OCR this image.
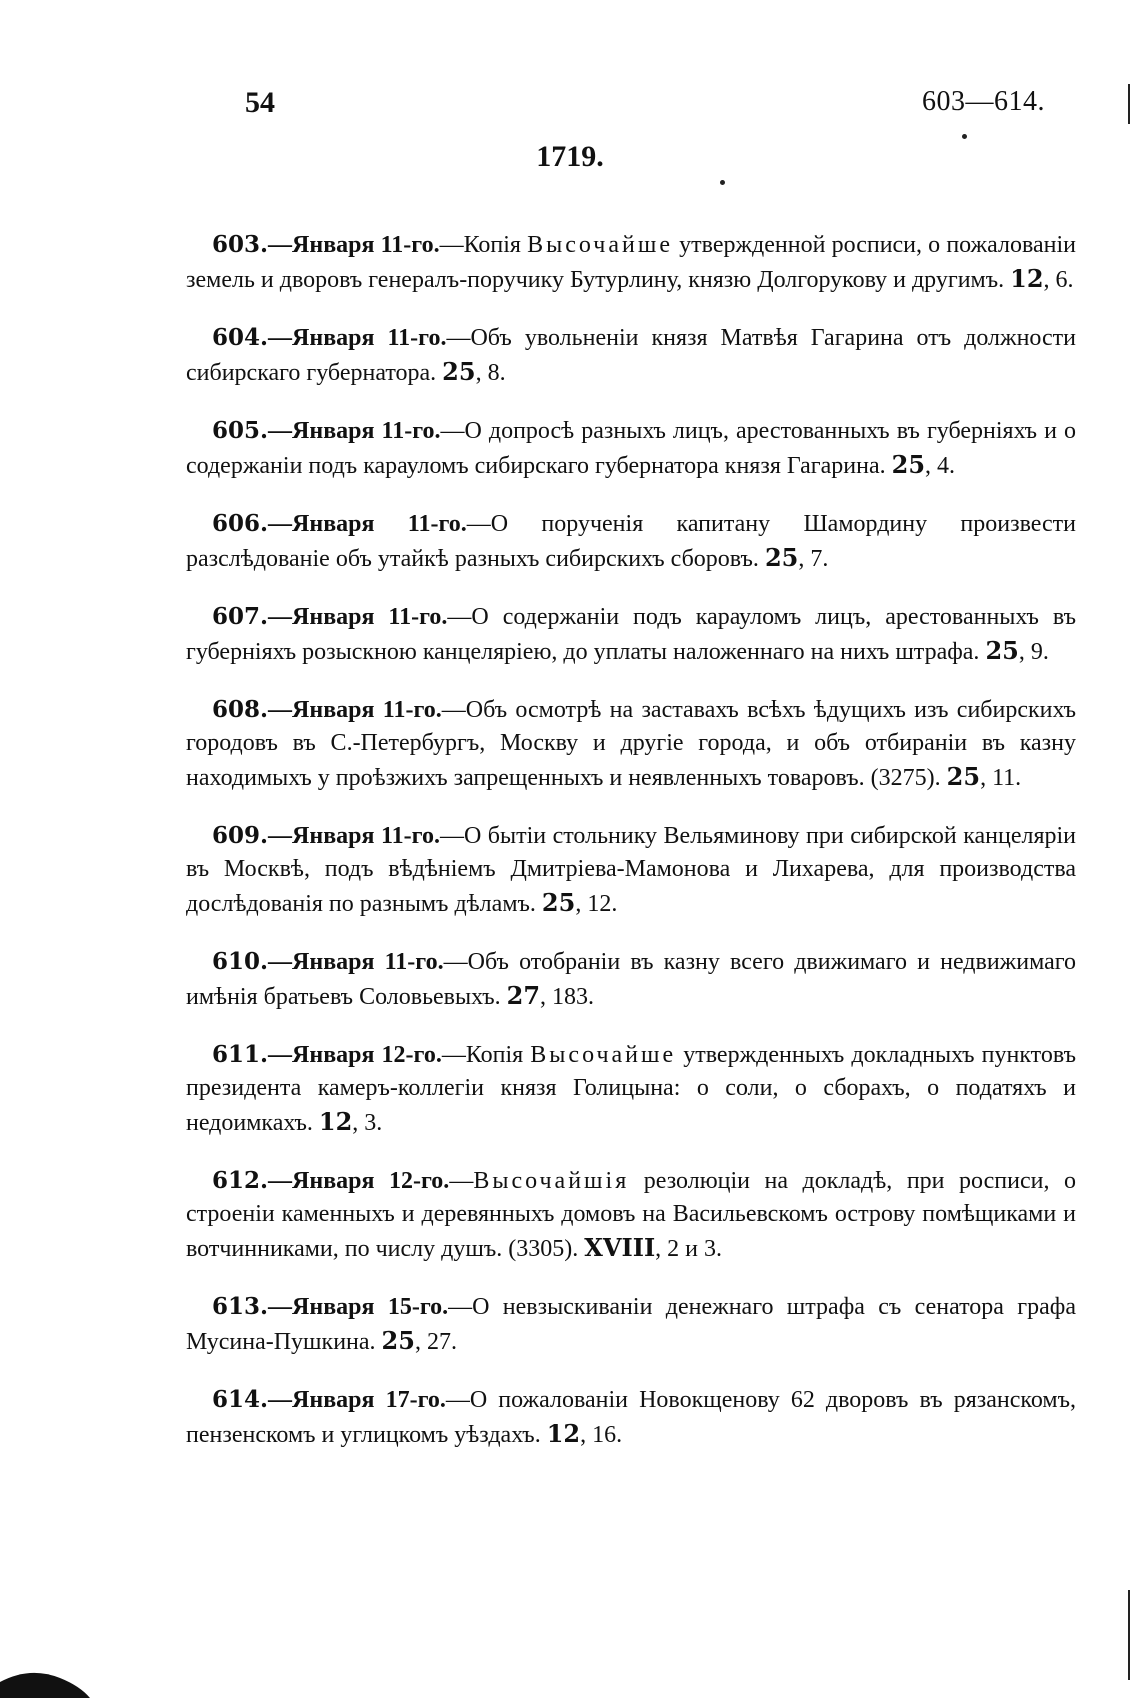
54	603—614.
1719.

603.—Января 11-го.—Копія Высочайше утвержденной росписи, о пожалованіи земель и дворовъ генералъ-поручику Бутурлину, князю Долгорукову и другимъ. 12, 6.

604.—Января 11-го.—Объ увольненіи князя Матвѣя Гагарина отъ должности сибирскаго губернатора. 25, 8.

605.—Января 11-го.—О допросѣ разныхъ лицъ, арестованныхъ въ губерніяхъ и о содержаніи подъ карауломъ сибирскаго губернатора князя Гагарина. 25, 4.

606.—Января 11-го.—О порученія капитану Шамордину произвести разслѣдованіе объ утайкѣ разныхъ сибирскихъ сборовъ. 25, 7.

607.—Января 11-го.—О содержаніи подъ карауломъ лицъ, арестованныхъ въ губерніяхъ розыскною канцеляріею, до уплаты наложеннаго на нихъ штрафа. 25, 9.

608.—Января 11-го.—Объ осмотрѣ на заставахъ всѣхъ ѣдущихъ изъ сибирскихъ городовъ въ С.-Петербургъ, Москву и другіе города, и объ отбираніи въ казну находимыхъ у проѣзжихъ запрещенныхъ и неявленныхъ товаровъ. (3275). 25, 11.

609.—Января 11-го.—О бытіи стольнику Вельяминову при сибирской канцеляріи въ Москвѣ, подъ вѣдѣніемъ Дмитріева-Мамонова и Лихарева, для производства дослѣдованія по разнымъ дѣламъ. 25, 12.

610.—Января 11-го.—Объ отобраніи въ казну всего движимаго и недвижимаго имѣнія братьевъ Соловьевыхъ. 27, 183.

611.—Января 12-го.—Копія Высочайше утвержденныхъ докладныхъ пунктовъ президента камеръ-коллегіи князя Голицына: о соли, о сборахъ, о податяхъ и недоимкахъ. 12, 3.

612.—Января 12-го.—Высочайшія резолюціи на докладѣ, при росписи, о строеніи каменныхъ и деревянныхъ домовъ на Васильевскомъ острову помѣщиками и вотчинниками, по числу душъ. (3305). XVIII, 2 и 3.

613.—Января 15-го.—О невзыскиваніи денежнаго штрафа съ сенатора графа Мусина-Пушкина. 25, 27.

614.—Января 17-го.—О пожалованіи Новокщенову 62 дворовъ въ рязанскомъ, пензенскомъ и углицкомъ уѣздахъ. 12, 16.
